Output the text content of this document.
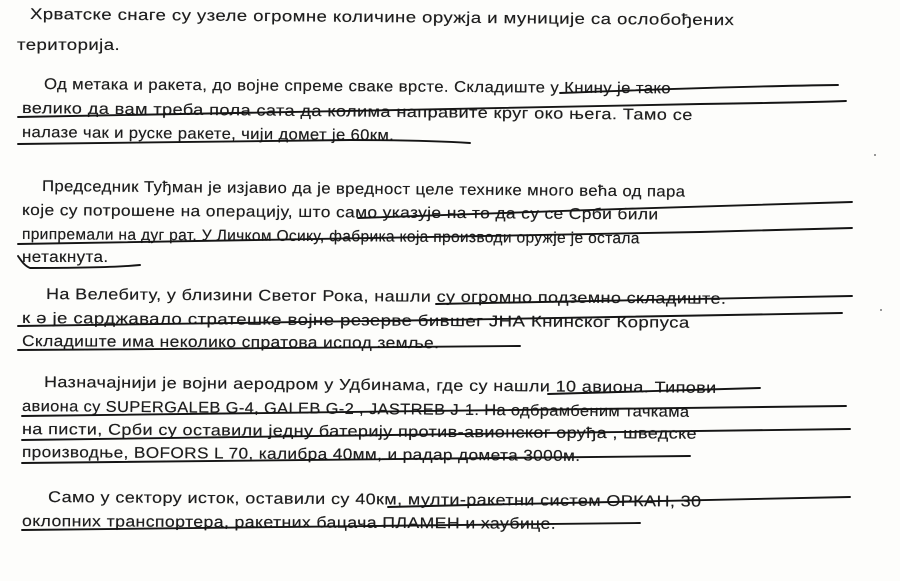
Хрватске снаге су узеле огромне количине оружја и муниције са ослобођених
територија.
Од метака и ракета, до војне спреме сваке врсте. Складиште у Книну је тако
велико да вам треба пола сата да колима направите круг око њега. Тамо се
налазе чак и руске ракете, чији домет је 60км.
Председник Туђман је изјавио да је вредност целе технике много већа од пара
које су потрошене на операцију, што само указује на то да су се Срби били
припремали на дуг рат. У Личком Осику, фабрика која производи оружје је остала
нетакнута.
На Велебиту, у близини Светог Рока, нашли су огромно подземно складиште.
к ә је сарджавало стратешке војне резерве бившег ЈНА Книнског Корпуса
Складиште има неколико спратова испод земље.
Назначајнији је војни аеродром у Удбинама, где су нашли 10 авиона. Типови
авиона су SUPERGALEB G-4, GALEB G-2 , JASTREB J-1. На одбрамбеним тачкама
на писти, Срби су оставили једну батерију против-авионског оруђа , шведске
производње, BOFORS L 70, калибра 40мм, и радар домета 3000м.
Само у сектору исток, оставили су 40км, мулти-ракетни систем ОРКАН, 30
оклопних транспортера, ракетних бацача ПЛАМЕН и хаубице.
